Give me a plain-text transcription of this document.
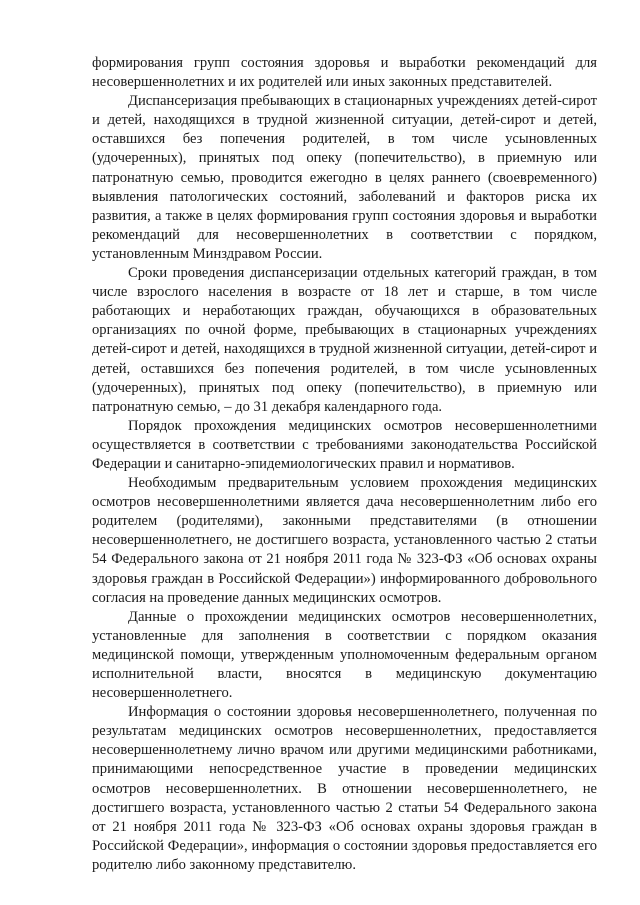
формирования групп состояния здоровья и выработки рекомендаций для несовершеннолетних и их родителей или иных законных представителей.

Диспансеризация пребывающих в стационарных учреждениях детей-сирот и детей, находящихся в трудной жизненной ситуации, детей-сирот и детей, оставшихся без попечения родителей, в том числе усыновленных (удочеренных), принятых под опеку (попечительство), в приемную или патронатную семью, проводится ежегодно в целях раннего (своевременного) выявления патологических состояний, заболеваний и факторов риска их развития, а также в целях формирования групп состояния здоровья и выработки рекомендаций для несовершеннолетних в соответствии с порядком, установленным Минздравом России.

Сроки проведения диспансеризации отдельных категорий граждан, в том числе взрослого населения в возрасте от 18 лет и старше, в том числе работающих и неработающих граждан, обучающихся в образовательных организациях по очной форме, пребывающих в стационарных учреждениях детей-сирот и детей, находящихся в трудной жизненной ситуации, детей-сирот и детей, оставшихся без попечения родителей, в том числе усыновленных (удочеренных), принятых под опеку (попечительство), в приемную или патронатную семью, – до 31 декабря календарного года.

Порядок прохождения медицинских осмотров несовершеннолетними осуществляется в соответствии с требованиями законодательства Российской Федерации и санитарно-эпидемиологических правил и нормативов.

Необходимым предварительным условием прохождения медицинских осмотров несовершеннолетними является дача несовершеннолетним либо его родителем (родителями), законными представителями (в отношении несовершеннолетнего, не достигшего возраста, установленного частью 2 статьи 54 Федерального закона от 21 ноября 2011 года № 323-ФЗ «Об основах охраны здоровья граждан в Российской Федерации») информированного добровольного согласия на проведение данных медицинских осмотров.

Данные о прохождении медицинских осмотров несовершеннолетних, установленные для заполнения в соответствии с порядком оказания медицинской помощи, утвержденным уполномоченным федеральным органом исполнительной власти, вносятся в медицинскую документацию несовершеннолетнего.

Информация о состоянии здоровья несовершеннолетнего, полученная по результатам медицинских осмотров несовершеннолетних, предоставляется несовершеннолетнему лично врачом или другими медицинскими работниками, принимающими непосредственное участие в проведении медицинских осмотров несовершеннолетних. В отношении несовершеннолетнего, не достигшего возраста, установленного частью 2 статьи 54 Федерального закона от 21 ноября 2011 года № 323-ФЗ «Об основах охраны здоровья граждан в Российской Федерации», информация о состоянии здоровья предоставляется его родителю либо законному представителю.
